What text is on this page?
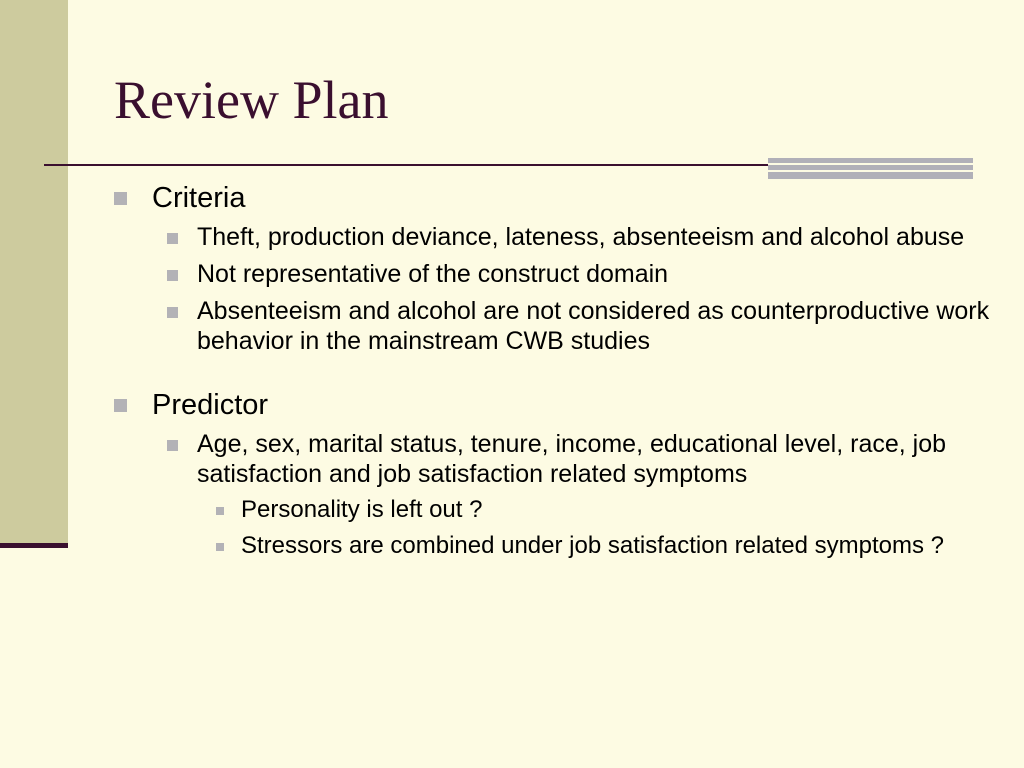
Review Plan
Criteria
Theft, production deviance, lateness, absenteeism and alcohol abuse
Not representative of the construct domain
Absenteeism and alcohol are not considered as counterproductive work behavior in the mainstream CWB studies
Predictor
Age, sex, marital status, tenure, income, educational level, race, job satisfaction and job satisfaction related symptoms
Personality is left out ?
Stressors are combined under job satisfaction related symptoms ?
